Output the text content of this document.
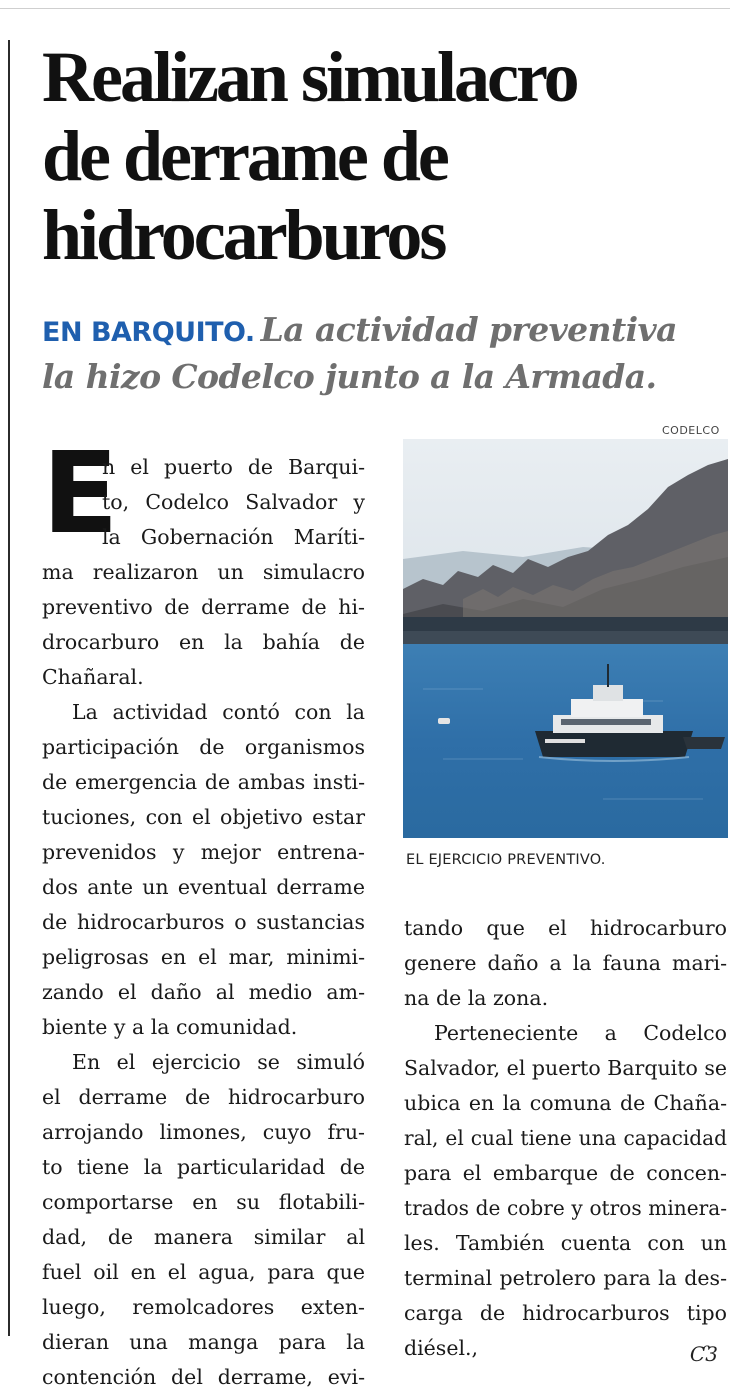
Realizan simulacro
de derrame de
hidrocarburos

EN BARQUITO. La actividad preventiva
la hizo Codelco junto a la Armada.

CODELCO
EL EJERCICIO PREVENTIVO.
E
n el puerto de Barqui-
to, Codelco Salvador y
la Gobernación Maríti-
ma realizaron un simulacro
preventivo de derrame de hi-
drocarburo en la bahía de
Chañaral.
La actividad contó con la
participación de organismos
de emergencia de ambas insti-
tuciones, con el objetivo estar
prevenidos y mejor entrena-
dos ante un eventual derrame
de hidrocarburos o sustancias
peligrosas en el mar, minimi-
zando el daño al medio am-
biente y a la comunidad.
En el ejercicio se simuló
el derrame de hidrocarburo
arrojando limones, cuyo fru-
to tiene la particularidad de
comportarse en su flotabili-
dad, de manera similar al
fuel oil en el agua, para que
luego, remolcadores exten-
dieran una manga para la
contención del derrame, evi-
tando que el hidrocarburo
genere daño a la fauna mari-
na de la zona.
Perteneciente a Codelco
Salvador, el puerto Barquito se
ubica en la comuna de Chaña-
ral, el cual tiene una capacidad
para el embarque de concen-
trados de cobre y otros minera-
les. También cuenta con un
terminal petrolero para la des-
carga de hidrocarburos tipo
diésel.,	Ƈ3
